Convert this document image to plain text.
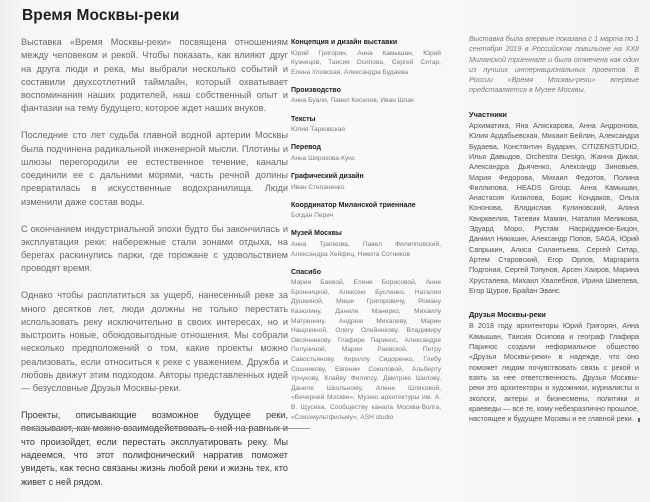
Время Москвы-реки

Выставка «Время Москвы-реки» посвящена отношениям между человеком и рекой. Чтобы показать, как влияют друг на друга люди и река, мы выбрали несколько событий и составили двухсотлетний таймлайн, который охватывает воспоминания наших родителей, наш собственный опыт и фантазии на тему будущего, которое ждет наших внуков.

Последние сто лет судьба главной водной артерии Москвы была подчинена радикальной инженерной мысли. Плотины и шлюзы перегородили ее естественное течение, каналы соединили ее с дальними морями, часть речной долины превратилась в искусственные водохранилища. Люди изменили даже состав воды.

С окончанием индустриальной эпохи будто бы закончилась и эксплуатация реки: набережные стали зонами отдыха, на берегах раскинулись парки, где горожане с удовольствием проводят время.

Однако чтобы расплатиться за ущерб, нанесенный реке за много десятков лет, люди должны не только перестать использовать реку исключительно в своих интересах, но и выстроить новые, обоюдовыгодные отношения. Мы собрали несколько предположений о том, какие проекты можно реализовать, если относиться к реке с уважением. Дружба и любовь движут этим подходом. Авторы представленных идей — безусловные Друзья Москвы-реки.

Проекты, описывающие возможное будущее реки, что произойдет, если перестать эксплуатировать реку. Мы надеемся, что этот полифонический нарратив поможет увидеть, как тесно связаны жизнь любой реки и жизнь тех, кто живет с ней рядом.

Концепция и дизайн выставки

Юрий Григорян, Анна Камышан, Юрий Кузнецов, Таисия Осипова, Сергей Ситар, Елена Уловская, Александра Будаева

Производство

Анна Буали, Павел Киселев, Иван Шпак

Тексты

Юлия Тарковская

Перевод

Анна Широкова-Кунс

Графический дизайн

Иван Степаненко

Координатор Миланской триеннале

Богдан Перич

Музей Москвы

Анна Трапкова, Павел Филипповский, Александра Хейфец, Никита Сотников

Спасибо

Марии Баевой, Елене Борисовой, Анне Бронницкой, Алексею Бусленко, Наталии Душкиной, Мише Григоровичу, Роману Казюлину, Даниле Манерко, Михаилу Матренину, Андрею Михалеву, Марии Нащокиной, Олегу Олейникову, Владимиру Овсянникову, Глафире Паринос, Александре Полуниной, Марии Раевской, Петру Савостьянову, Кириллу Сидоренко, Глебу Сошникову, Евгении Соколовой, Альберту Урчукову, Клайву Филипсу, Дмитрию Шилову, Даниле Школьному, Алене Шляховой, «Вечерней Москве», Музею архитектуры им. А. В. Щусева, Сообществу канала Москва-Волга, «Союзмультфильму», ASH studio

Выставка была впервые показана с 1 марта по 1 сентября 2019 в Российском павильоне на XXII Миланской триеннале и была отмечена как один из лучших интернациональных проектов. В России «Время Москвы-реки» впервые представляется в Музее Москвы.

Участники

Архиматика, Яна Аляскарова, Анна Андронова, Юлия Ардабьевская, Михаил Бейлин, Александра Будаева, Константин Бударин, CITIZENSTUDIO, Илья Давыдов, Orchestra Design, Жанна Дикая, Александра Дьяченко, Александр Зиновьев, Мария Федорова, Михаил Федотов, Полина Филлипова, HEADS Group, Анна Камышан, Анастасия Кизилова, Борис Кондаков, Ольга Кононова, Владислав Кулиновский, Алина Квирквелия, Татевик Мамян, Наталия Меликова, Эдуард Моро, Рустам Насриддинов-Бицон, Даниил Никишин, Александр Попов, SAGA, Юрий Сапрыкин, Алиса Силантьева, Сергей Ситар, Артем Старовский, Егор Орлов, Маргарита Подгоная, Сергей Топунов, Арсен Хаиров, Марина Хрусталева, Михаил Хвалебнов, Ирина Шмелева, Егор Щуров, Брайан Эванс

Друзья Москвы-реки

В 2018 году архитекторы Юрий Григорян, Анна Камышан, Таисия Осипова и географ Глафира Паринос создали неформальное общество «Друзья Москвы-реки» в надежде, что оно поможет людям почувствовать связь с рекой и взять за нее ответственность. Друзья Москвы-реки это архитекторы и художники, журналисты и экологи, актеры и бизнесмены, политики и краеведы — все те, кому небезразлично прошлое, настоящее и будущее Москвы и ее главной реки.
